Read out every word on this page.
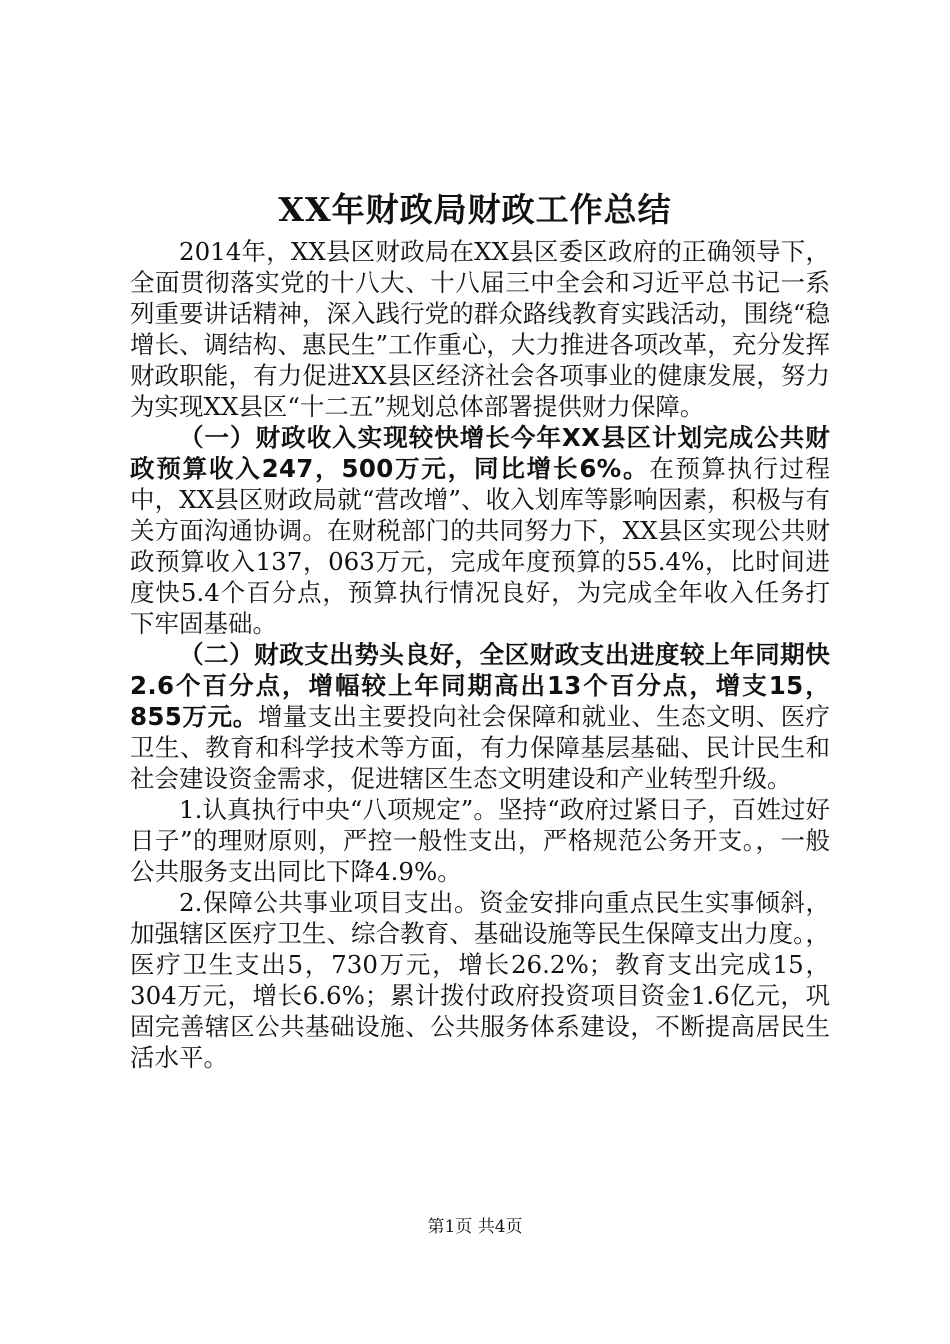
XX年财政局财政工作总结

2014年，XX县区财政局在XX县区委区政府的正确领导下，全面贯彻落实党的十八大、十八届三中全会和习近平总书记一系列重要讲话精神，深入践行党的群众路线教育实践活动，围绕“稳增长、调结构、惠民生”工作重心，大力推进各项改革，充分发挥财政职能，有力促进XX县区经济社会各项事业的健康发展，努力为实现XX县区“十二五”规划总体部署提供财力保障。

（一）财政收入实现较快增长今年XX县区计划完成公共财政预算收入247，500万元，同比增长6%。在预算执行过程中，XX县区财政局就“营改增”、收入划库等影响因素，积极与有关方面沟通协调。在财税部门的共同努力下，XX县区实现公共财政预算收入137，063万元，完成年度预算的55.4%，比时间进度快5.4个百分点，预算执行情况良好，为完成全年收入任务打下牢固基础。

（二）财政支出势头良好，全区财政支出进度较上年同期快2.6个百分点，增幅较上年同期高出13个百分点，增支15，855万元。增量支出主要投向社会保障和就业、生态文明、医疗卫生、教育和科学技术等方面，有力保障基层基础、民计民生和社会建设资金需求，促进辖区生态文明建设和产业转型升级。

1.认真执行中央“八项规定”。坚持“政府过紧日子，百姓过好日子”的理财原则，严控一般性支出，严格规范公务开支。，一般公共服务支出同比下降4.9%。

2.保障公共事业项目支出。资金安排向重点民生实事倾斜，加强辖区医疗卫生、综合教育、基础设施等民生保障支出力度。，医疗卫生支出5，730万元，增长26.2%；教育支出完成15，304万元，增长6.6%；累计拨付政府投资项目资金1.6亿元，巩固完善辖区公共基础设施、公共服务体系建设，不断提高居民生活水平。

第1页 共4页
